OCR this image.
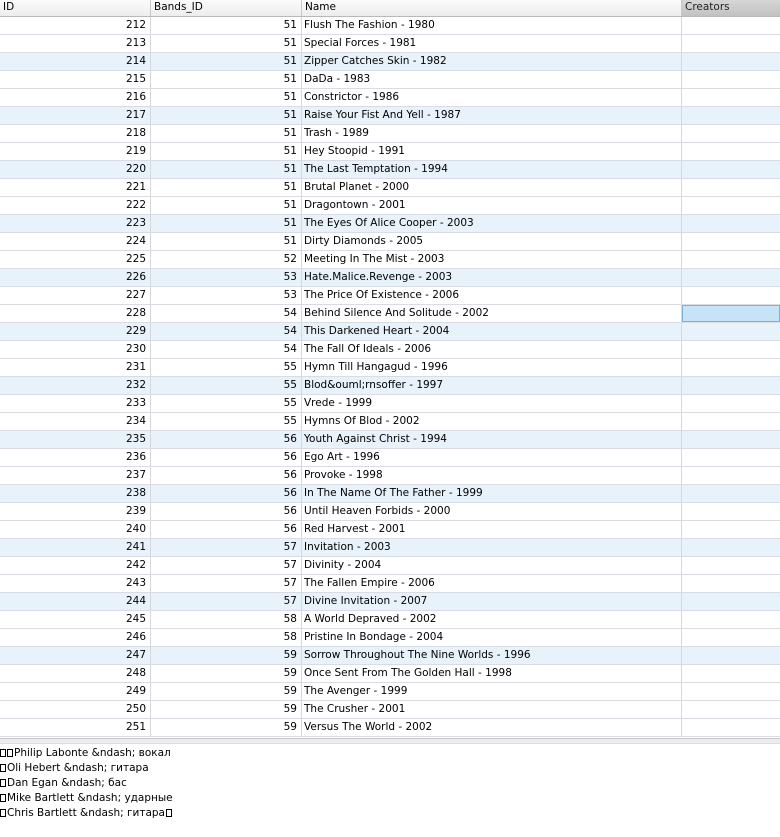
ID	Bands_ID	Name	Creators
212	51 Flush The Fashion - 1980
213	51 Special Forces - 1981
214	51 Zipper Catches Skin - 1982
215	51 DaDa - 1983
216	51 Constrictor - 1986
217	51 Raise Your Fist And Yell - 1987
218	51 Trash - 1989
219	51 Hey Stoopid - 1991
220	51 The Last Temptation - 1994
221	51 Brutal Planet - 2000
222	51 Dragontown - 2001
223	51 The Eyes Of Alice Cooper - 2003
224	51 Dirty Diamonds - 2005
225	52 Meeting In The Mist - 2003
226	53 Hate.Malice.Revenge - 2003
227	53 The Price Of Existence - 2006
228	54 Behind Silence And Solitude - 2002
229	54 This Darkened Heart - 2004
230	54 The Fall Of Ideals - 2006
231	55 Hymn Till Hangagud - 1996
232	55 Blod&ouml;rnsoffer - 1997
233	55 Vrede - 1999
234	55 Hymns Of Blod - 2002
235	56 Youth Against Christ - 1994
236	56 Ego Art - 1996
237	56 Provoke - 1998
238	56 In The Name Of The Father - 1999
239	56 Until Heaven Forbids - 2000
240	56 Red Harvest - 2001
241	57 Invitation - 2003
242	57 Divinity - 2004
243	57 The Fallen Empire - 2006
244	57 Divine Invitation - 2007
245	58 A World Depraved - 2002
246	58 Pristine In Bondage - 2004
247	59 Sorrow Throughout The Nine Worlds - 1996
248	59 Once Sent From The Golden Hall - 1998
249	59 The Avenger - 1999
250	59 The Crusher - 2001
251	59 Versus The World - 2002
Philip Labonte &ndash; вокал
Oli Hebert &ndash; гитара
Dan Egan &ndash; бас
Mike Bartlett &ndash; ударные
Chris Bartlett &ndash; гитара
